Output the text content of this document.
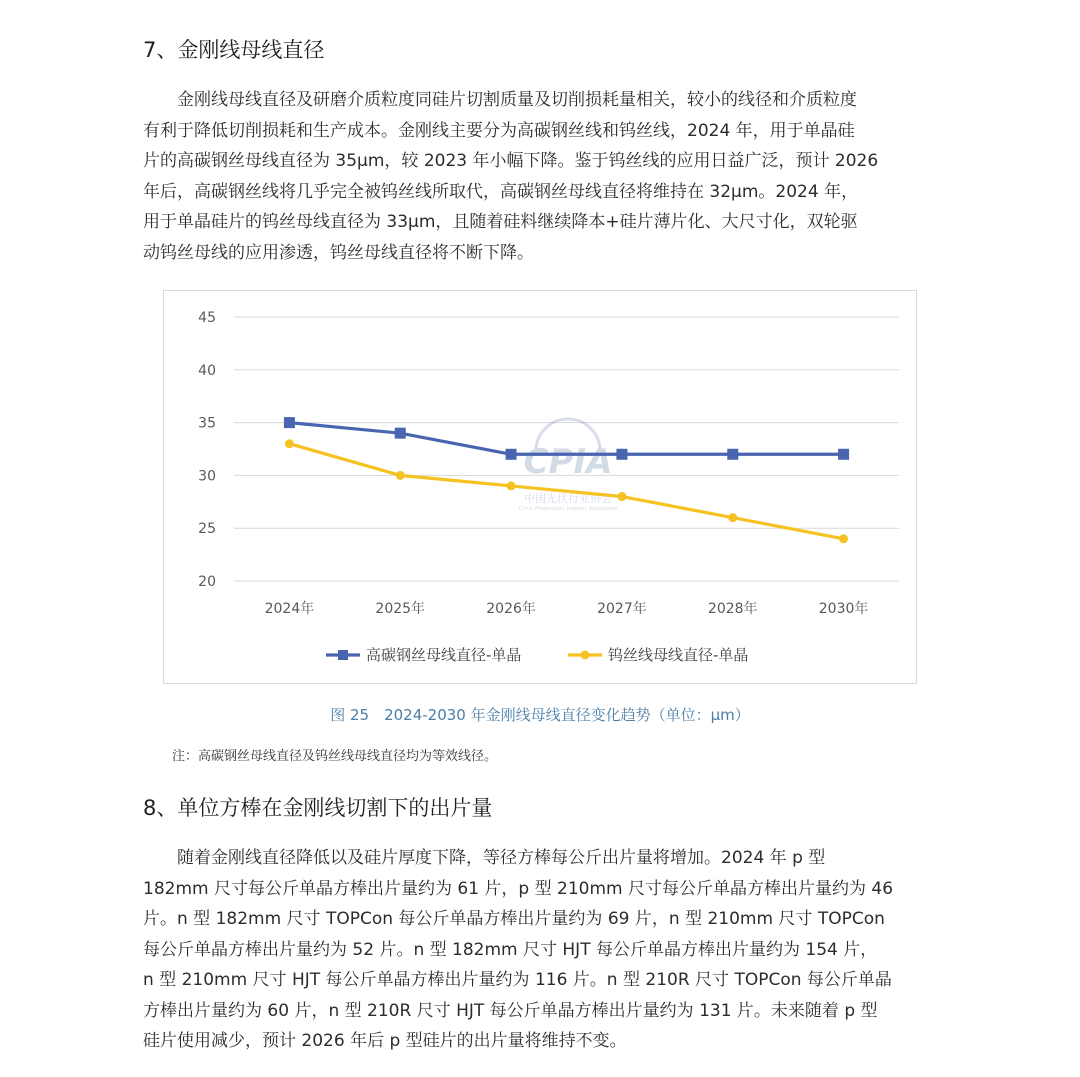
7、金刚线母线直径
金刚线母线直径及研磨介质粒度同硅片切割质量及切削损耗量相关，较小的线径和介质粒度
有利于降低切削损耗和生产成本。金刚线主要分为高碳钢丝线和钨丝线，2024 年，用于单晶硅
片的高碳钢丝母线直径为 35μm，较 2023 年小幅下降。鉴于钨丝线的应用日益广泛，预计 2026
年后，高碳钢丝线将几乎完全被钨丝线所取代，高碳钢丝母线直径将维持在 32μm。2024 年，
用于单晶硅片的钨丝母线直径为 33μm，且随着硅料继续降本+硅片薄片化、大尺寸化，双轮驱
动钨丝母线的应用渗透，钨丝母线直径将不断下降。
20
25
30
35
40
45
2024年	2025年	2026年	2027年	2028年	2030年
CPIA
中国光伏行业协会
China Photovoltaic Industry Association
高碳钢丝母线直径-单晶	钨丝线母线直径-单晶
图 25　2024-2030 年金刚线母线直径变化趋势（单位：μm）
注：高碳钢丝母线直径及钨丝线母线直径均为等效线径。
8、单位方棒在金刚线切割下的出片量
随着金刚线直径降低以及硅片厚度下降，等径方棒每公斤出片量将增加。2024 年 p 型
182mm 尺寸每公斤单晶方棒出片量约为 61 片，p 型 210mm 尺寸每公斤单晶方棒出片量约为 46
片。n 型 182mm 尺寸 TOPCon 每公斤单晶方棒出片量约为 69 片，n 型 210mm 尺寸 TOPCon
每公斤单晶方棒出片量约为 52 片。n 型 182mm 尺寸 HJT 每公斤单晶方棒出片量约为 154 片，
n 型 210mm 尺寸 HJT 每公斤单晶方棒出片量约为 116 片。n 型 210R 尺寸 TOPCon 每公斤单晶
方棒出片量约为 60 片，n 型 210R 尺寸 HJT 每公斤单晶方棒出片量约为 131 片。未来随着 p 型
硅片使用减少，预计 2026 年后 p 型硅片的出片量将维持不变。
